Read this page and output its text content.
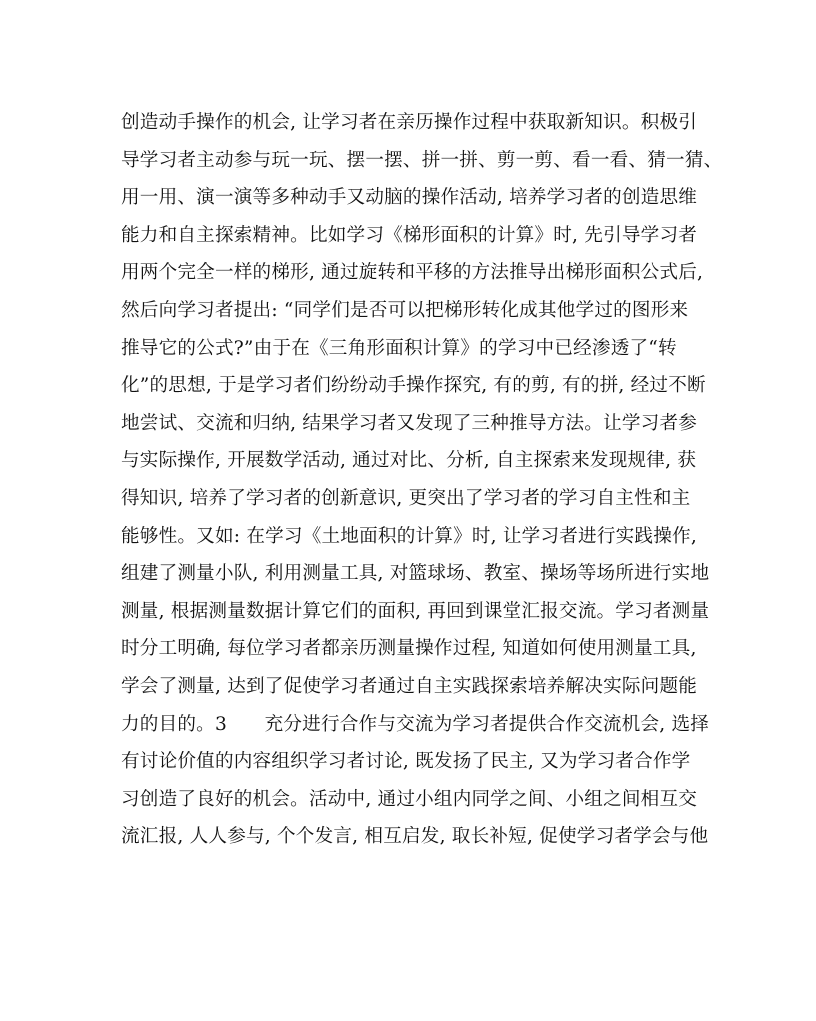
创造动手操作的机会, 让学习者在亲历操作过程中获取新知识。积极引
导学习者主动参与玩一玩、摆一摆、拼一拼、剪一剪、看一看、猜一猜、
用一用、演一演等多种动手又动脑的操作活动, 培养学习者的创造思维
能力和自主探索精神。比如学习《梯形面积的计算》时, 先引导学习者
用两个完全一样的梯形, 通过旋转和平移的方法推导出梯形面积公式后,
然后向学习者提出: “同学们是否可以把梯形转化成其他学过的图形来
推导它的公式?”由于在《三角形面积计算》的学习中已经渗透了“转
化”的思想, 于是学习者们纷纷动手操作探究, 有的剪, 有的拼, 经过不断
地尝试、交流和归纳, 结果学习者又发现了三种推导方法。让学习者参
与实际操作, 开展数学活动, 通过对比、分析, 自主探索来发现规律, 获
得知识, 培养了学习者的创新意识, 更突出了学习者的学习自主性和主
能够性。又如: 在学习《土地面积的计算》时, 让学习者进行实践操作,
组建了测量小队, 利用测量工具, 对篮球场、教室、操场等场所进行实地
测量, 根据测量数据计算它们的面积, 再回到课堂汇报交流。学习者测量
时分工明确, 每位学习者都亲历测量操作过程, 知道如何使用测量工具,
学会了测量, 达到了促使学习者通过自主实践探索培养解决实际问题能
力的目的。3　　充分进行合作与交流为学习者提供合作交流机会, 选择
有讨论价值的内容组织学习者讨论, 既发扬了民主, 又为学习者合作学
习创造了良好的机会。活动中, 通过小组内同学之间、小组之间相互交
流汇报, 人人参与, 个个发言, 相互启发, 取长补短, 促使学习者学会与他
